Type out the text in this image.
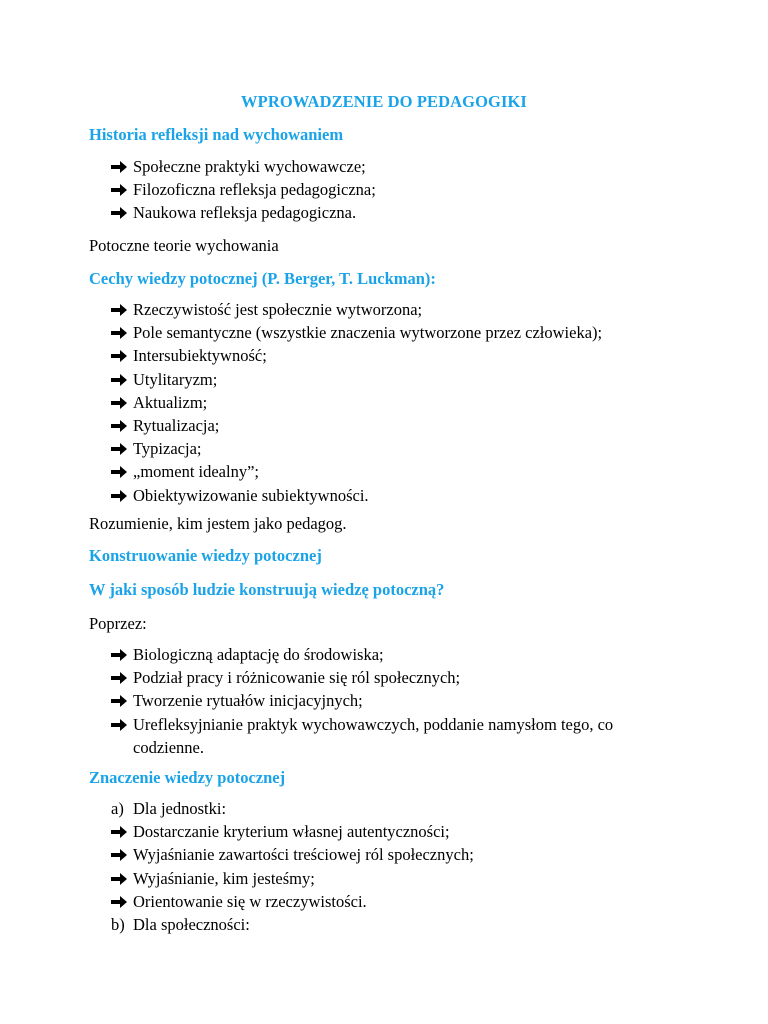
WPROWADZENIE DO PEDAGOGIKI
Historia refleksji nad wychowaniem
Społeczne praktyki wychowawcze;
Filozoficzna refleksja pedagogiczna;
Naukowa refleksja pedagogiczna.
Potoczne teorie wychowania
Cechy wiedzy potocznej (P. Berger, T. Luckman):
Rzeczywistość jest społecznie wytworzona;
Pole semantyczne (wszystkie znaczenia wytworzone przez człowieka);
Intersubiektywność;
Utylitaryzm;
Aktualizm;
Rytualizacja;
Typizacja;
„moment idealny”;
Obiektywizowanie subiektywności.
Rozumienie, kim jestem jako pedagog.
Konstruowanie wiedzy potocznej
W jaki sposób ludzie konstruują wiedzę potoczną?
Poprzez:
Biologiczną adaptację do środowiska;
Podział pracy i różnicowanie się ról społecznych;
Tworzenie rytuałów inicjacyjnych;
Urefleksyjnianie praktyk wychowawczych, poddanie namysłom tego, co codzienne.
Znaczenie wiedzy potocznej
a) Dla jednostki:
Dostarczanie kryterium własnej autentyczności;
Wyjaśnianie zawartości treściowej ról społecznych;
Wyjaśnianie, kim jesteśmy;
Orientowanie się w rzeczywistości.
b) Dla społeczności:
